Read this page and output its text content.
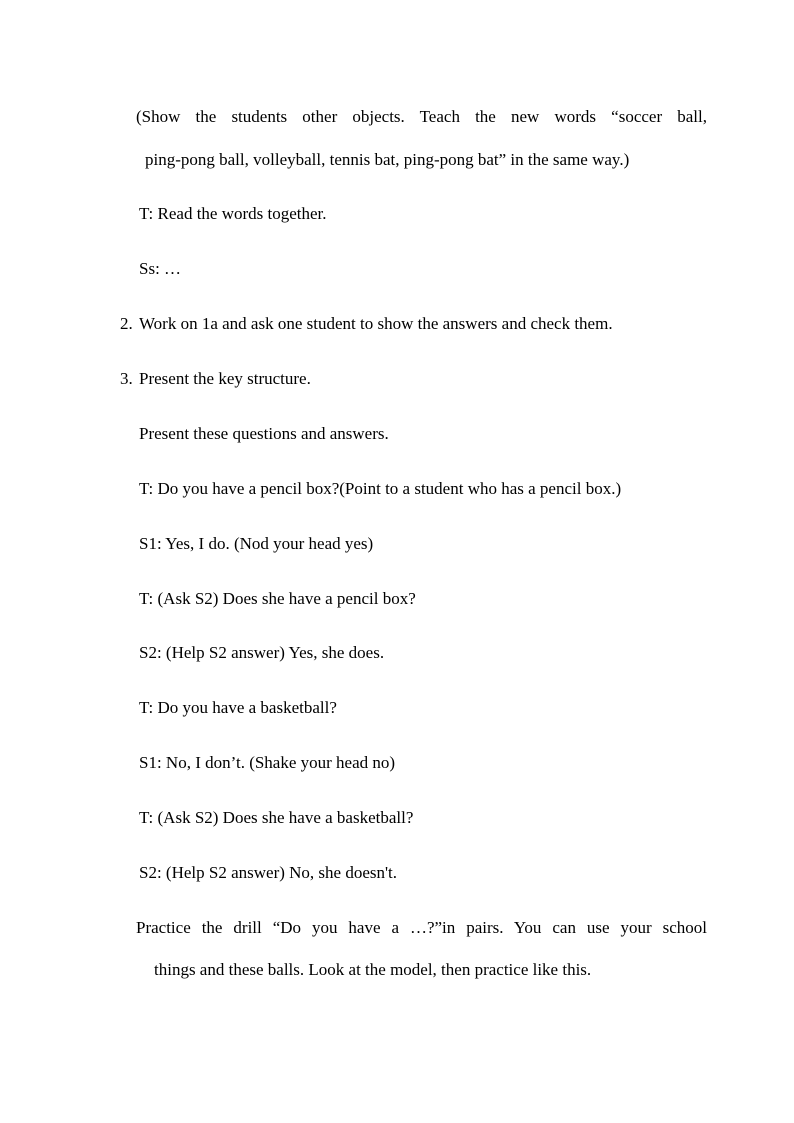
(Show the students other objects. Teach the new words “soccer ball,
ping-pong ball, volleyball, tennis bat, ping-pong bat” in the same way.)
T: Read the words together.
Ss: …
2. Work on 1a and ask one student to show the answers and check them.
3. Present the key structure.
Present these questions and answers.
T: Do you have a pencil box?(Point to a student who has a pencil box.)
S1: Yes, I do. (Nod your head yes)
T: (Ask S2) Does she have a pencil box?
S2: (Help S2 answer) Yes, she does.
T: Do you have a basketball?
S1: No, I don’t. (Shake your head no)
T: (Ask S2) Does she have a basketball?
S2: (Help S2 answer) No, she doesn't.
Practice the drill “Do you have a …?”in pairs. You can use your school
things and these balls. Look at the model, then practice like this.
